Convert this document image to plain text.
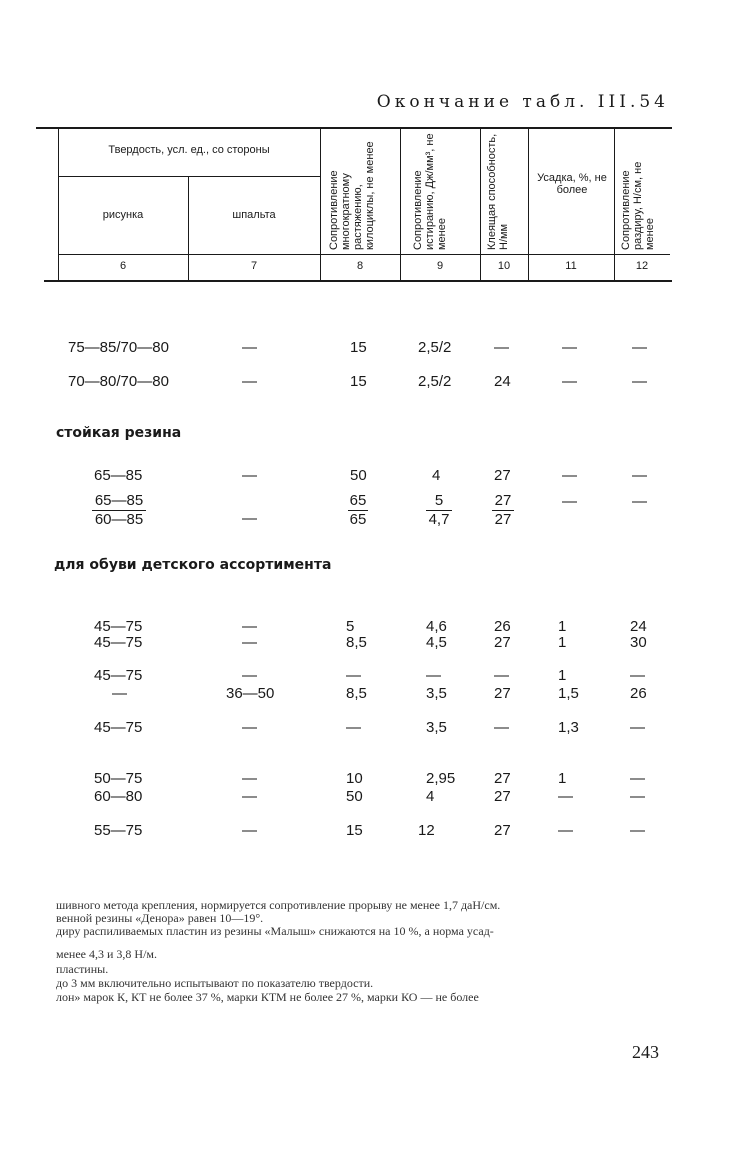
Окончание табл. III.54
Твердость, усл. ед., со стороны
рисунка	шпальта	Сопротивление многократному растяжению, килоциклы, не менее	Сопротивление истиранию, Дж/мм³, не менее	Клеящая способность, Н/мм
Усадка, %, не более	Сопротивление раздиру, Н/см, не менее
6	7	8	9	10	11	12
75—85/70—80	—	15	2,5/2	—	—	—
70—80/70—80	—	15	2,5/2	24	—	—
стойкая резина
65—85	—	50	4	27	—	—
$\frac{65—85}{60—85}$	—	$\frac{65}{65}$	$\frac{5}{4,7}$	$\frac{27}{27}$	—	—
для обуви детского ассортимента
45—75	—	5	4,6	26	1	24
45—75	—	8,5	4,5	27	1	30
45—75	—	—	—	—	1	—
—	36—50	8,5	3,5	27	1,5	26
45—75	—	—	3,5	—	1,3	—
50—75	—	10	2,95	27	1	—
60—80	—	50	4	27	—	—
55—75	—	15	12	27	—	—
шивного метода крепления, нормируется сопротивление прорыву не менее 1,7 даН/см.
венной резины «Денора» равен 10—19°.
диру распиливаемых пластин из резины «Малыш» снижаются на 10 %, а норма усад-
менее 4,3 и 3,8 Н/м.
пластины.
до 3 мм включительно испытывают по показателю твердости.
лон» марок К, КТ не более 37 %, марки КТМ не более 27 %, марки КО — не более
243
